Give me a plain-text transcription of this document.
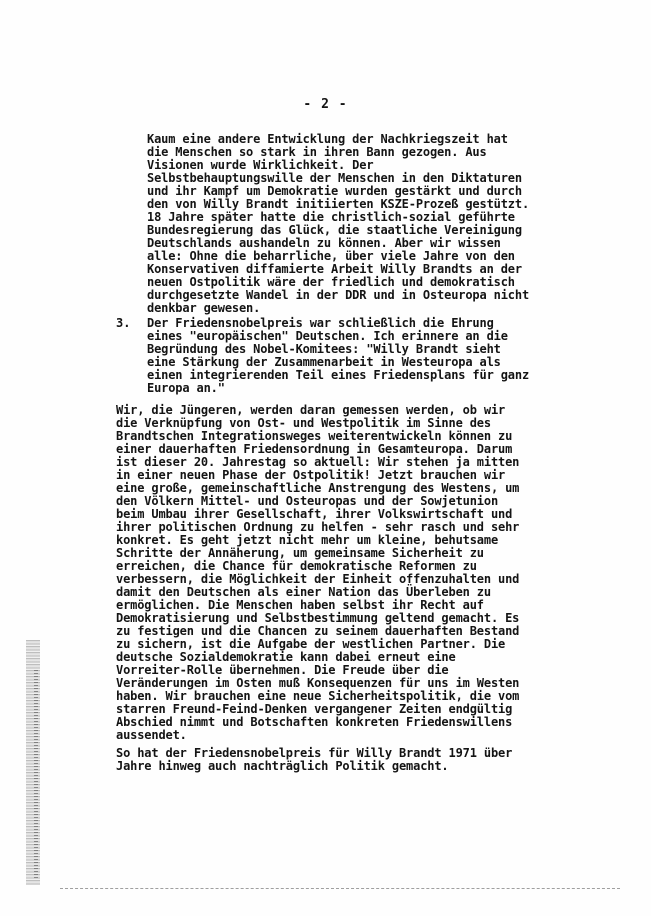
- 2 -
Kaum eine andere Entwicklung der Nachkriegszeit hat
die Menschen so stark in ihren Bann gezogen. Aus
Visionen wurde Wirklichkeit. Der
Selbstbehauptungswille der Menschen in den Diktaturen
und ihr Kampf um Demokratie wurden gestärkt und durch
den von Willy Brandt initiierten KSZE-Prozeß gestützt.
18 Jahre später hatte die christlich-sozial geführte
Bundesregierung das Glück, die staatliche Vereinigung
Deutschlands aushandeln zu können. Aber wir wissen
alle: Ohne die beharrliche, über viele Jahre von den
Konservativen diffamierte Arbeit Willy Brandts an der
neuen Ostpolitik wäre der friedlich und demokratisch
durchgesetzte Wandel in der DDR und in Osteuropa nicht
denkbar gewesen.
3. Der Friedensnobelpreis war schließlich die Ehrung
eines "europäischen" Deutschen. Ich erinnere an die
Begründung des Nobel-Komitees: "Willy Brandt sieht
eine Stärkung der Zusammenarbeit in Westeuropa als
einen integrierenden Teil eines Friedensplans für ganz
Europa an."
Wir, die Jüngeren, werden daran gemessen werden, ob wir
die Verknüpfung von Ost- und Westpolitik im Sinne des
Brandtschen Integrationsweges weiterentwickeln können zu
einer dauerhaften Friedensordnung in Gesamteuropa. Darum
ist dieser 20. Jahrestag so aktuell: Wir stehen ja mitten
in einer neuen Phase der Ostpolitik! Jetzt brauchen wir
eine große, gemeinschaftliche Anstrengung des Westens, um
den Völkern Mittel- und Osteuropas und der Sowjetunion
beim Umbau ihrer Gesellschaft, ihrer Volkswirtschaft und
ihrer politischen Ordnung zu helfen - sehr rasch und sehr
konkret. Es geht jetzt nicht mehr um kleine, behutsame
Schritte der Annäherung, um gemeinsame Sicherheit zu
erreichen, die Chance für demokratische Reformen zu
verbessern, die Möglichkeit der Einheit offenzuhalten und
damit den Deutschen als einer Nation das Überleben zu
ermöglichen. Die Menschen haben selbst ihr Recht auf
Demokratisierung und Selbstbestimmung geltend gemacht. Es
zu festigen und die Chancen zu seinem dauerhaften Bestand
zu sichern, ist die Aufgabe der westlichen Partner. Die
deutsche Sozialdemokratie kann dabei erneut eine
Vorreiter-Rolle übernehmen. Die Freude über die
Veränderungen im Osten muß Konsequenzen für uns im Westen
haben. Wir brauchen eine neue Sicherheitspolitik, die vom
starren Freund-Feind-Denken vergangener Zeiten endgültig
Abschied nimmt und Botschaften konkreten Friedenswillens
aussendet.
So hat der Friedensnobelpreis für Willy Brandt 1971 über
Jahre hinweg auch nachträglich Politik gemacht.
